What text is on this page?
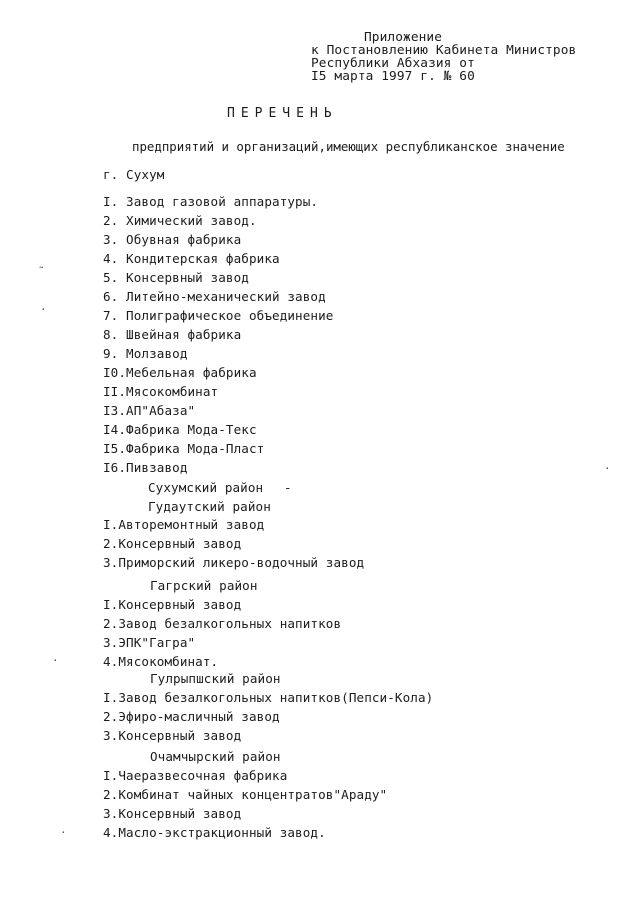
Приложение
к Постановлению Кабинета Министров
Республики Абхазия от
I5 марта 1997 г. № 60
ПЕРЕЧЕНЬ
предприятий и организаций,имеющих республиканское значение
г. Сухум
I. Завод газовой аппаратуры.
2. Химический завод.
3. Обувная фабрика
4. Кондитерская фабрика
5. Консервный завод
6. Литейно-механический завод
7. Полиграфическое объединение
8. Швейная фабрика
9. Молзавод
I0.Мебельная фабрика
II.Мясокомбинат
I3.АП"Абаза"
I4.Фабрика Мода-Текс
I5.Фабрика Мода-Пласт
I6.Пивзавод
Сухумский район -
Гудаутский район
I.Авторемонтный завод
2.Консервный завод
3.Приморский ликеро-водочный завод
Гагрский район
I.Консервный завод
2.Завод безалкогольных напитков
3.ЭПК"Гагра"
4.Мясокомбинат.
Гулрыпшский район
I.Завод безалкогольных напитков(Пепси-Кола)
2.Эфиро-масличный завод
3.Консервный завод
Очамчырский район
I.Чаеразвесочная фабрика
2.Комбинат чайных концентратов"Араду"
3.Консервный завод
4.Масло-экстракционный завод.
˜
·
·
·
·
